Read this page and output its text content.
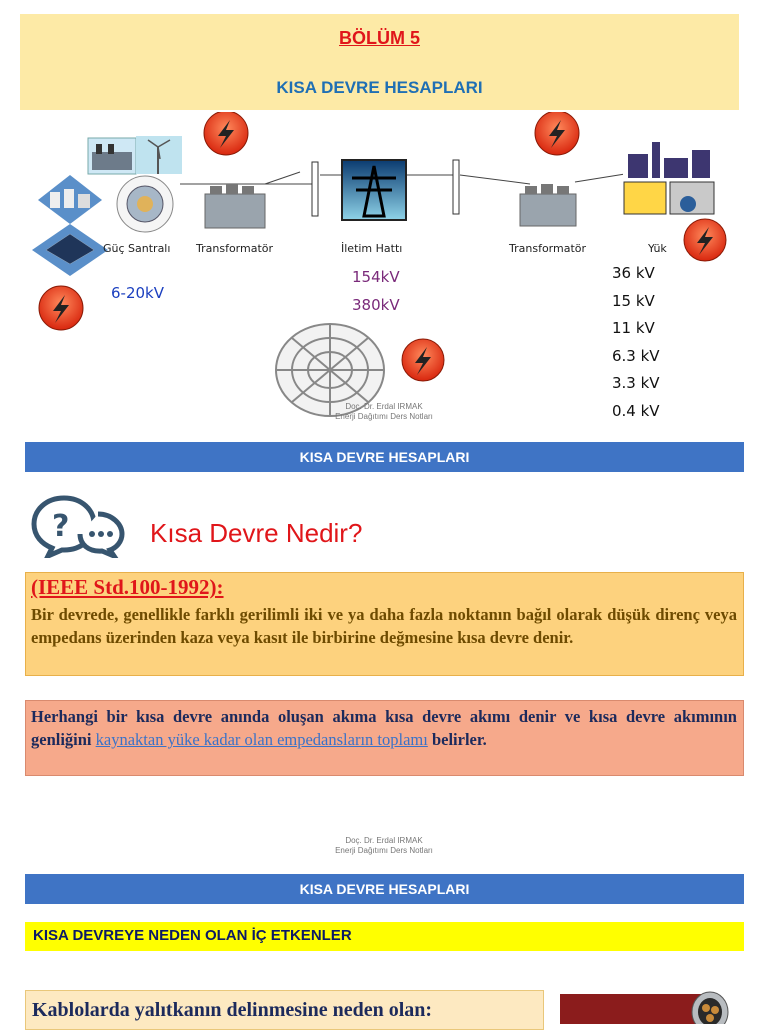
BÖLÜM 5
KISA DEVRE HESAPLARI
Güç Santralı Transformatör	İletim Hattı	Transformatör	Yük
6-20kV
154kV
380kV
36 kV
15 kV
11 kV
6.3 kV
3.3 kV
0.4 kV
Doç. Dr. Erdal IRMAK
Enerji Dağıtımı Ders Notları
KISA DEVRE HESAPLARI
?	Kısa Devre Nedir?
(IEEE Std.100-1992):
Bir devrede, genellikle farklı gerilimli iki ve ya daha fazla noktanın bağıl olarak düşük direnç veya empedans üzerinden kaza veya kasıt ile birbirine değmesine kısa devre denir.
Herhangi bir kısa devre anında oluşan akıma kısa devre akımı denir ve kısa devre akımının genliğini kaynaktan yüke kadar olan empedansların toplamı belirler.
Doç. Dr. Erdal IRMAK
Enerji Dağıtımı Ders Notları
KISA DEVRE HESAPLARI
KISA DEVREYE NEDEN OLAN İÇ ETKENLER
Kablolarda yalıtkanın delinmesine neden olan:
